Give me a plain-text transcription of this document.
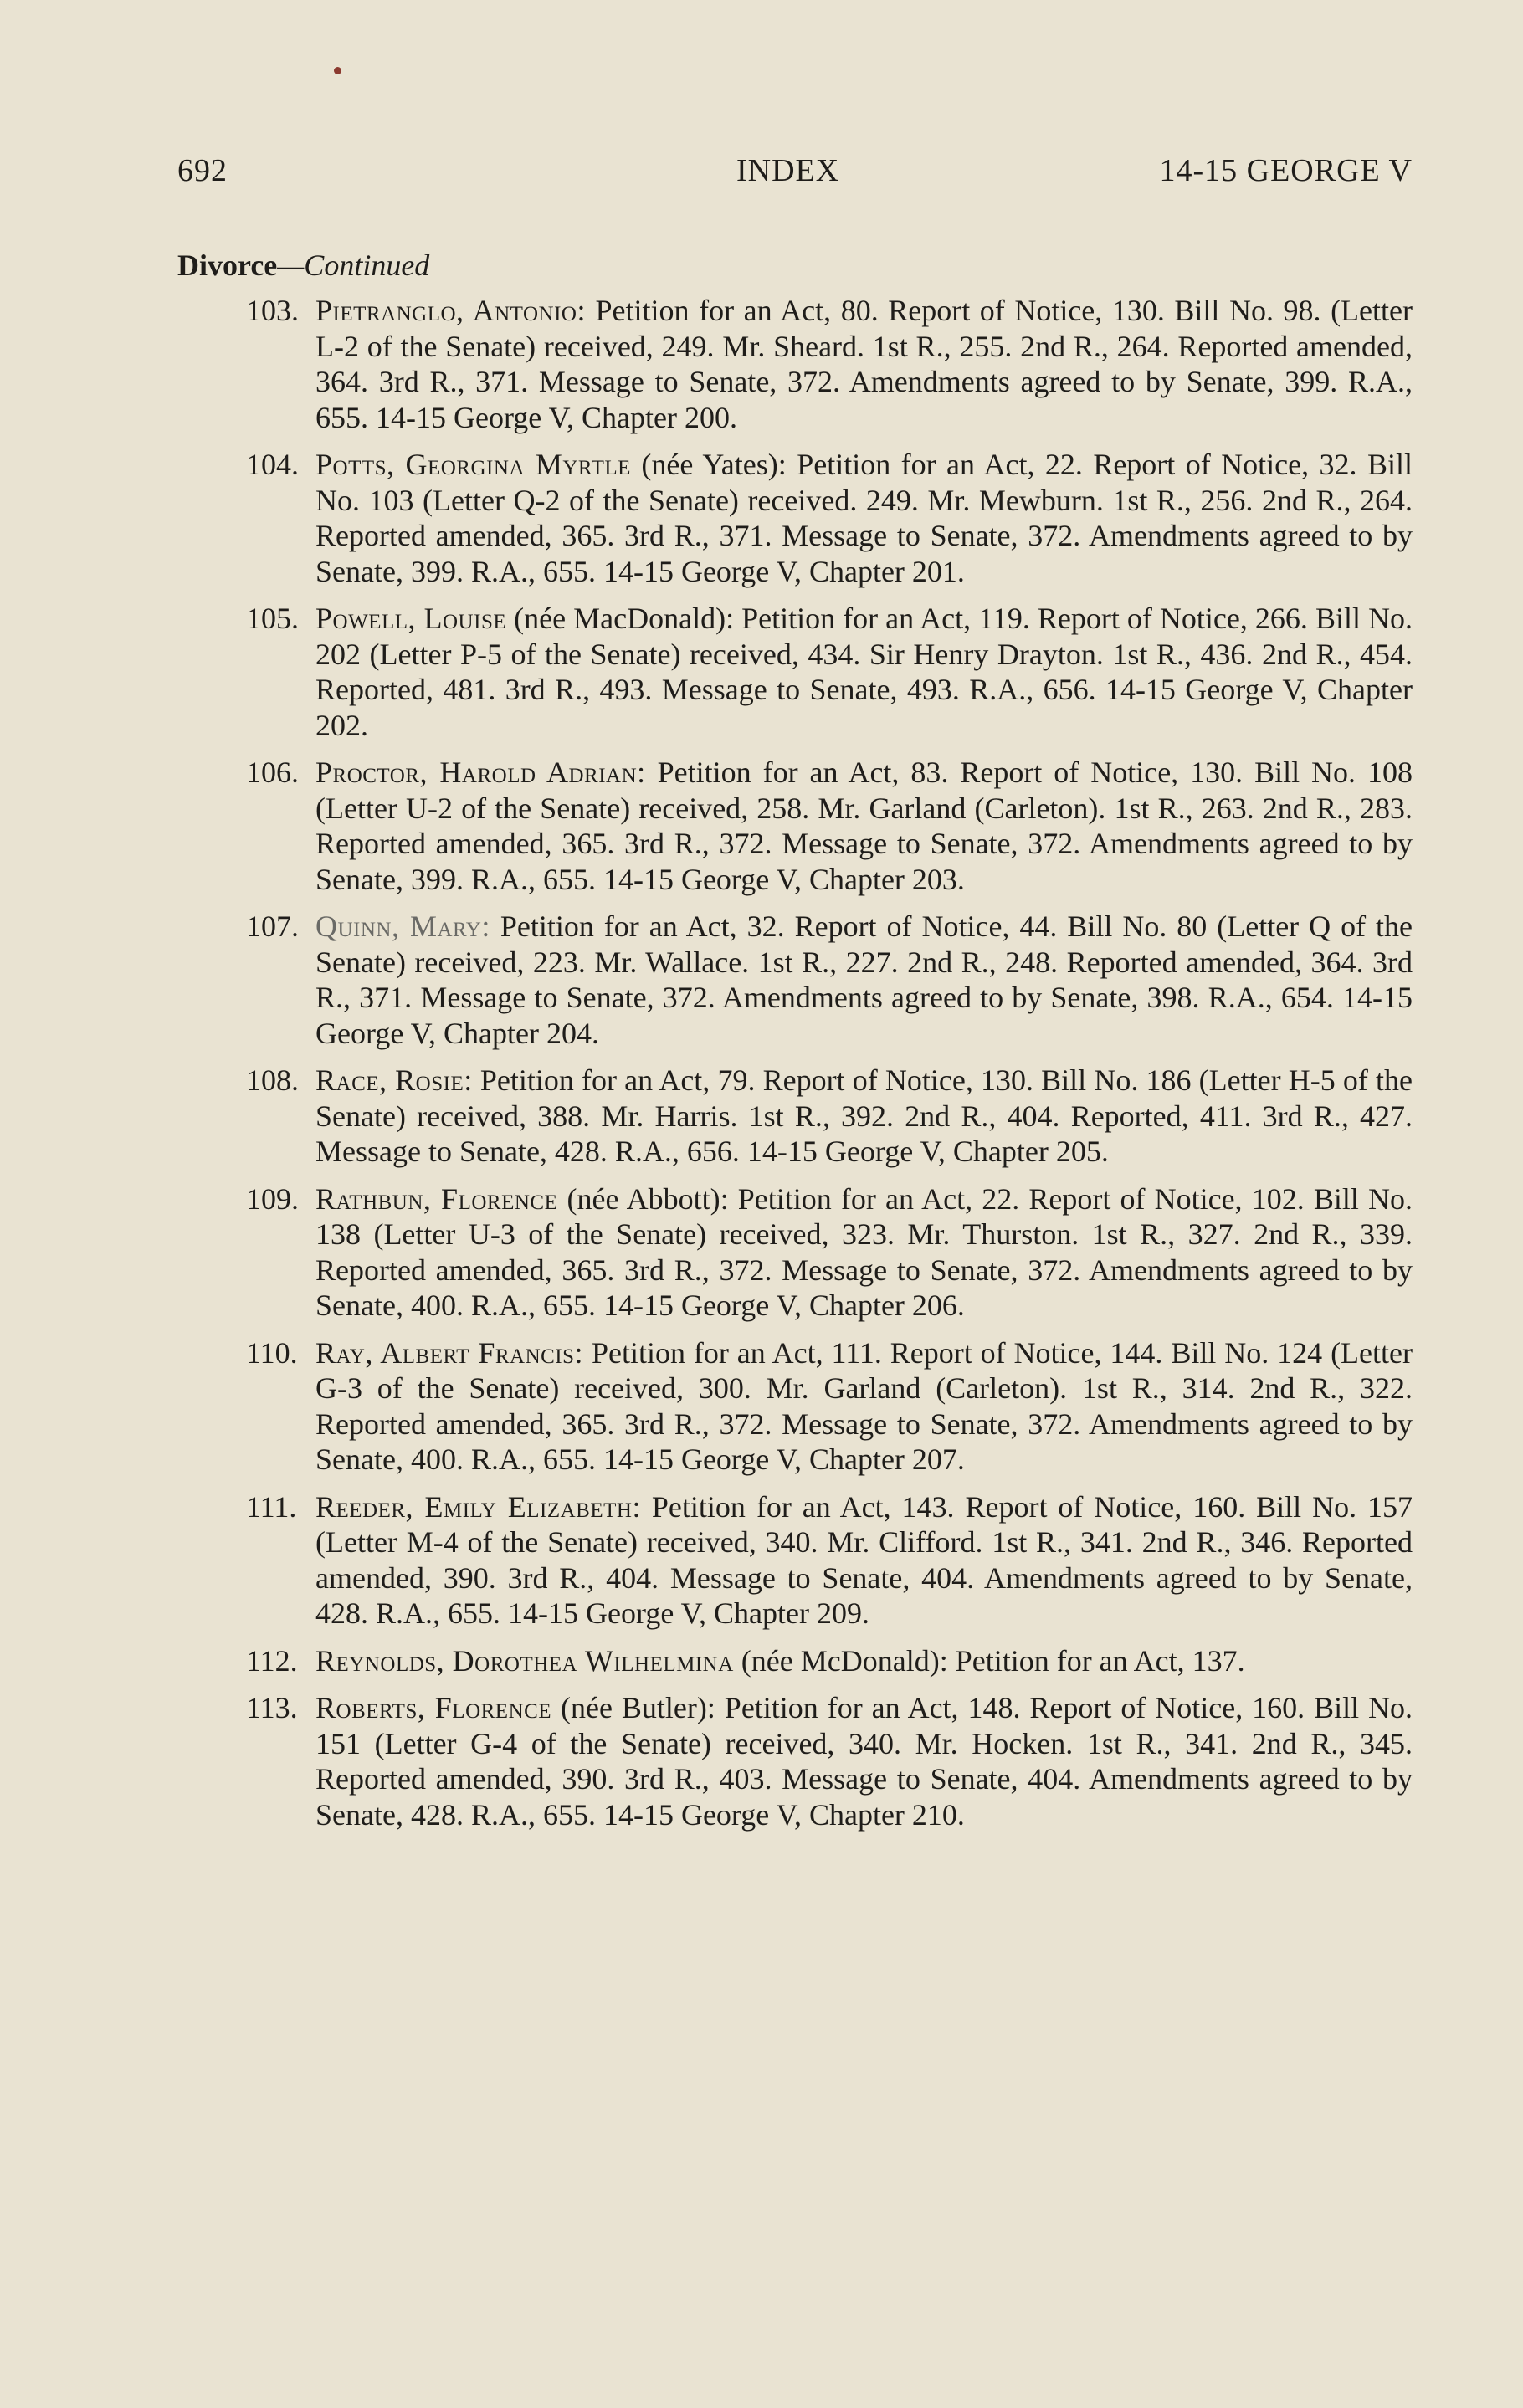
692	INDEX	14-15 GEORGE V
Divorce—Continued
103. Pietranglo, Antonio: Petition for an Act, 80. Report of Notice, 130. Bill No. 98. (Letter L-2 of the Senate) received, 249. Mr. Sheard. 1st R., 255. 2nd R., 264. Reported amended, 364. 3rd R., 371. Message to Senate, 372. Amendments agreed to by Senate, 399. R.A., 655. 14-15 George V, Chapter 200.
104. Potts, Georgina Myrtle (née Yates): Petition for an Act, 22. Report of Notice, 32. Bill No. 103 (Letter Q-2 of the Senate) received. 249. Mr. Mewburn. 1st R., 256. 2nd R., 264. Reported amended, 365. 3rd R., 371. Message to Senate, 372. Amendments agreed to by Senate, 399. R.A., 655. 14-15 George V, Chapter 201.
105. Powell, Louise (née MacDonald): Petition for an Act, 119. Report of Notice, 266. Bill No. 202 (Letter P-5 of the Senate) received, 434. Sir Henry Drayton. 1st R., 436. 2nd R., 454. Reported, 481. 3rd R., 493. Message to Senate, 493. R.A., 656. 14-15 George V, Chapter 202.
106. Proctor, Harold Adrian: Petition for an Act, 83. Report of Notice, 130. Bill No. 108 (Letter U-2 of the Senate) received, 258. Mr. Garland (Carleton). 1st R., 263. 2nd R., 283. Reported amended, 365. 3rd R., 372. Message to Senate, 372. Amendments agreed to by Senate, 399. R.A., 655. 14-15 George V, Chapter 203.
107. Quinn, Mary: Petition for an Act, 32. Report of Notice, 44. Bill No. 80 (Letter Q of the Senate) received, 223. Mr. Wallace. 1st R., 227. 2nd R., 248. Reported amended, 364. 3rd R., 371. Message to Senate, 372. Amendments agreed to by Senate, 398. R.A., 654. 14-15 George V, Chapter 204.
108. Race, Rosie: Petition for an Act, 79. Report of Notice, 130. Bill No. 186 (Letter H-5 of the Senate) received, 388. Mr. Harris. 1st R., 392. 2nd R., 404. Reported, 411. 3rd R., 427. Message to Senate, 428. R.A., 656. 14-15 George V, Chapter 205.
109. Rathbun, Florence (née Abbott): Petition for an Act, 22. Report of Notice, 102. Bill No. 138 (Letter U-3 of the Senate) received, 323. Mr. Thurston. 1st R., 327. 2nd R., 339. Reported amended, 365. 3rd R., 372. Message to Senate, 372. Amendments agreed to by Senate, 400. R.A., 655. 14-15 George V, Chapter 206.
110. Ray, Albert Francis: Petition for an Act, 111. Report of Notice, 144. Bill No. 124 (Letter G-3 of the Senate) received, 300. Mr. Garland (Carleton). 1st R., 314. 2nd R., 322. Reported amended, 365. 3rd R., 372. Message to Senate, 372. Amendments agreed to by Senate, 400. R.A., 655. 14-15 George V, Chapter 207.
111. Reeder, Emily Elizabeth: Petition for an Act, 143. Report of Notice, 160. Bill No. 157 (Letter M-4 of the Senate) received, 340. Mr. Clifford. 1st R., 341. 2nd R., 346. Reported amended, 390. 3rd R., 404. Message to Senate, 404. Amendments agreed to by Senate, 428. R.A., 655. 14-15 George V, Chapter 209.
112. Reynolds, Dorothea Wilhelmina (née McDonald): Petition for an Act, 137.
113. Roberts, Florence (née Butler): Petition for an Act, 148. Report of Notice, 160. Bill No. 151 (Letter G-4 of the Senate) received, 340. Mr. Hocken. 1st R., 341. 2nd R., 345. Reported amended, 390. 3rd R., 403. Message to Senate, 404. Amendments agreed to by Senate, 428. R.A., 655. 14-15 George V, Chapter 210.
